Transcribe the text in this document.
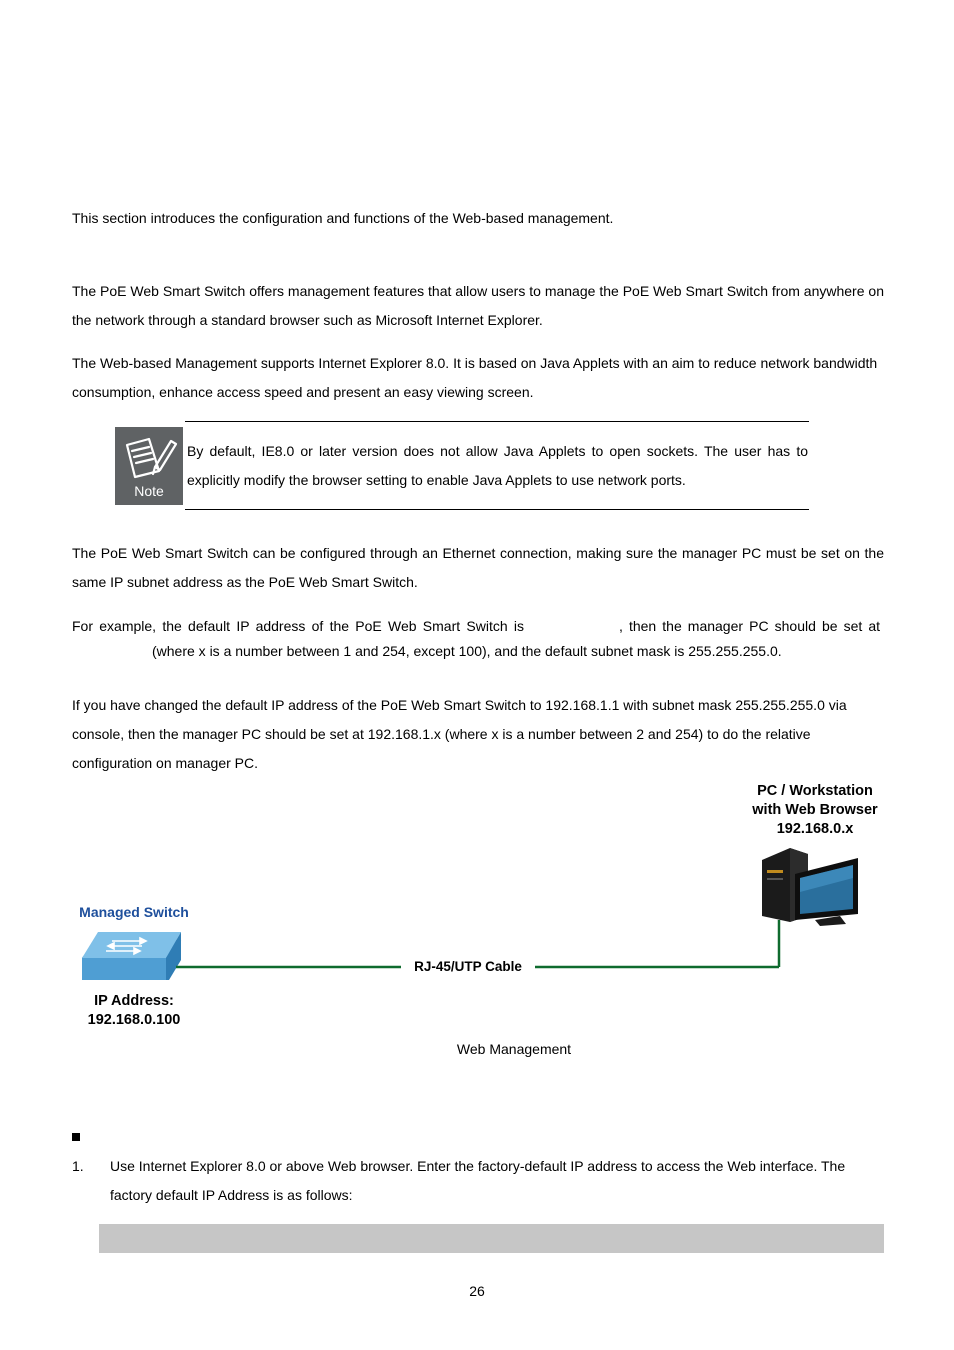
This section introduces the configuration and functions of the Web-based management.

The PoE Web Smart Switch offers management features that allow users to manage the PoE Web Smart Switch from anywhere on the network through a standard browser such as Microsoft Internet Explorer.

The Web-based Management supports Internet Explorer 8.0. It is based on Java Applets with an aim to reduce network bandwidth consumption, enhance access speed and present an easy viewing screen.

Note
By default, IE8.0 or later version does not allow Java Applets to open sockets. The user has to explicitly modify the browser setting to enable Java Applets to use network ports.

The PoE Web Smart Switch can be configured through an Ethernet connection, making sure the manager PC must be set on the same IP subnet address as the PoE Web Smart Switch.

For example, the default IP address of the PoE Web Smart Switch is	, then the manager PC should be set at
(where x is a number between 1 and 254, except 100), and the default subnet mask is 255.255.255.0.

If you have changed the default IP address of the PoE Web Smart Switch to 192.168.1.1 with subnet mask 255.255.255.0 via console, then the manager PC should be set at 192.168.1.x (where x is a number between 2 and 254) to do the relative configuration on manager PC.

PC / Workstation
with Web Browser
192.168.0.x
Managed Switch
RJ-45/UTP Cable
IP Address:
192.168.0.100
Web Management
1. Use Internet Explorer 8.0 or above Web browser. Enter the factory-default IP address to access the Web interface. The factory default IP Address is as follows:
26
